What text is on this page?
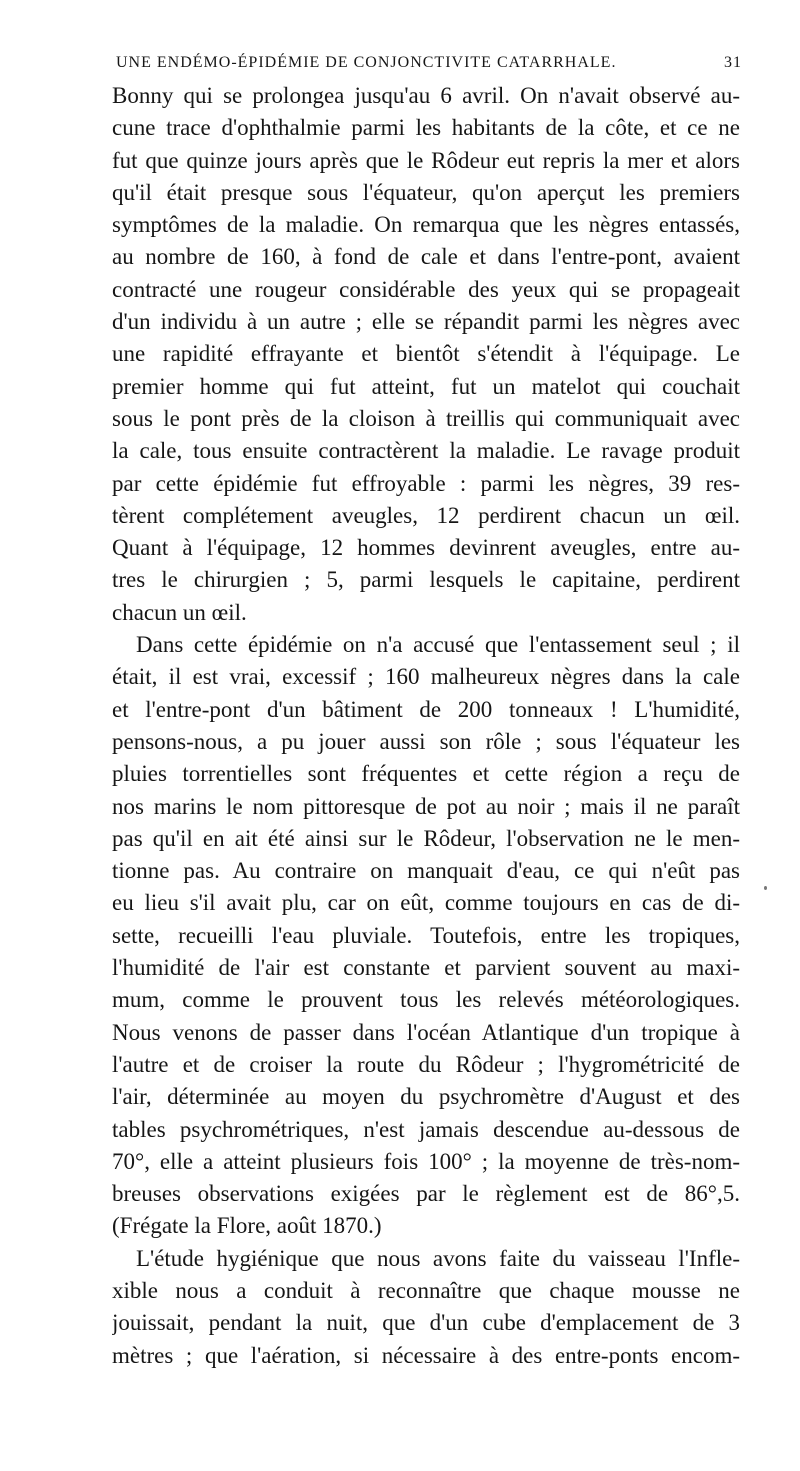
UNE ENDÉMO-ÉPIDÉMIE DE CONJONCTIVITE CATARRHALE.	31
Bonny qui se prolongea jusqu'au 6 avril. On n'avait observé au-
cune trace d'ophthalmie parmi les habitants de la côte, et ce ne
fut que quinze jours après que le Rôdeur eut repris la mer et alors
qu'il était presque sous l'équateur, qu'on aperçut les premiers
symptômes de la maladie. On remarqua que les nègres entassés,
au nombre de 160, à fond de cale et dans l'entre-pont, avaient
contracté une rougeur considérable des yeux qui se propageait
d'un individu à un autre ; elle se répandit parmi les nègres avec
une rapidité effrayante et bientôt s'étendit à l'équipage. Le
premier homme qui fut atteint, fut un matelot qui couchait
sous le pont près de la cloison à treillis qui communiquait avec
la cale, tous ensuite contractèrent la maladie. Le ravage produit
par cette épidémie fut effroyable : parmi les nègres, 39 res-
tèrent complétement aveugles, 12 perdirent chacun un œil.
Quant à l'équipage, 12 hommes devinrent aveugles, entre au-
tres le chirurgien ; 5, parmi lesquels le capitaine, perdirent
chacun un œil.
Dans cette épidémie on n'a accusé que l'entassement seul ; il
était, il est vrai, excessif ; 160 malheureux nègres dans la cale
et l'entre-pont d'un bâtiment de 200 tonneaux ! L'humidité,
pensons-nous, a pu jouer aussi son rôle ; sous l'équateur les
pluies torrentielles sont fréquentes et cette région a reçu de
nos marins le nom pittoresque de pot au noir ; mais il ne paraît
pas qu'il en ait été ainsi sur le Rôdeur, l'observation ne le men-
tionne pas. Au contraire on manquait d'eau, ce qui n'eût pas
eu lieu s'il avait plu, car on eût, comme toujours en cas de di-
sette, recueilli l'eau pluviale. Toutefois, entre les tropiques,
l'humidité de l'air est constante et parvient souvent au maxi-
mum, comme le prouvent tous les relevés météorologiques.
Nous venons de passer dans l'océan Atlantique d'un tropique à
l'autre et de croiser la route du Rôdeur ; l'hygrométricité de
l'air, déterminée au moyen du psychromètre d'August et des
tables psychrométriques, n'est jamais descendue au-dessous de
70°, elle a atteint plusieurs fois 100° ; la moyenne de très-nom-
breuses observations exigées par le règlement est de 86°,5.
(Frégate la Flore, août 1870.)
L'étude hygiénique que nous avons faite du vaisseau l'Infle-
xible nous a conduit à reconnaître que chaque mousse ne
jouissait, pendant la nuit, que d'un cube d'emplacement de 3
mètres ; que l'aération, si nécessaire à des entre-ponts encom-
